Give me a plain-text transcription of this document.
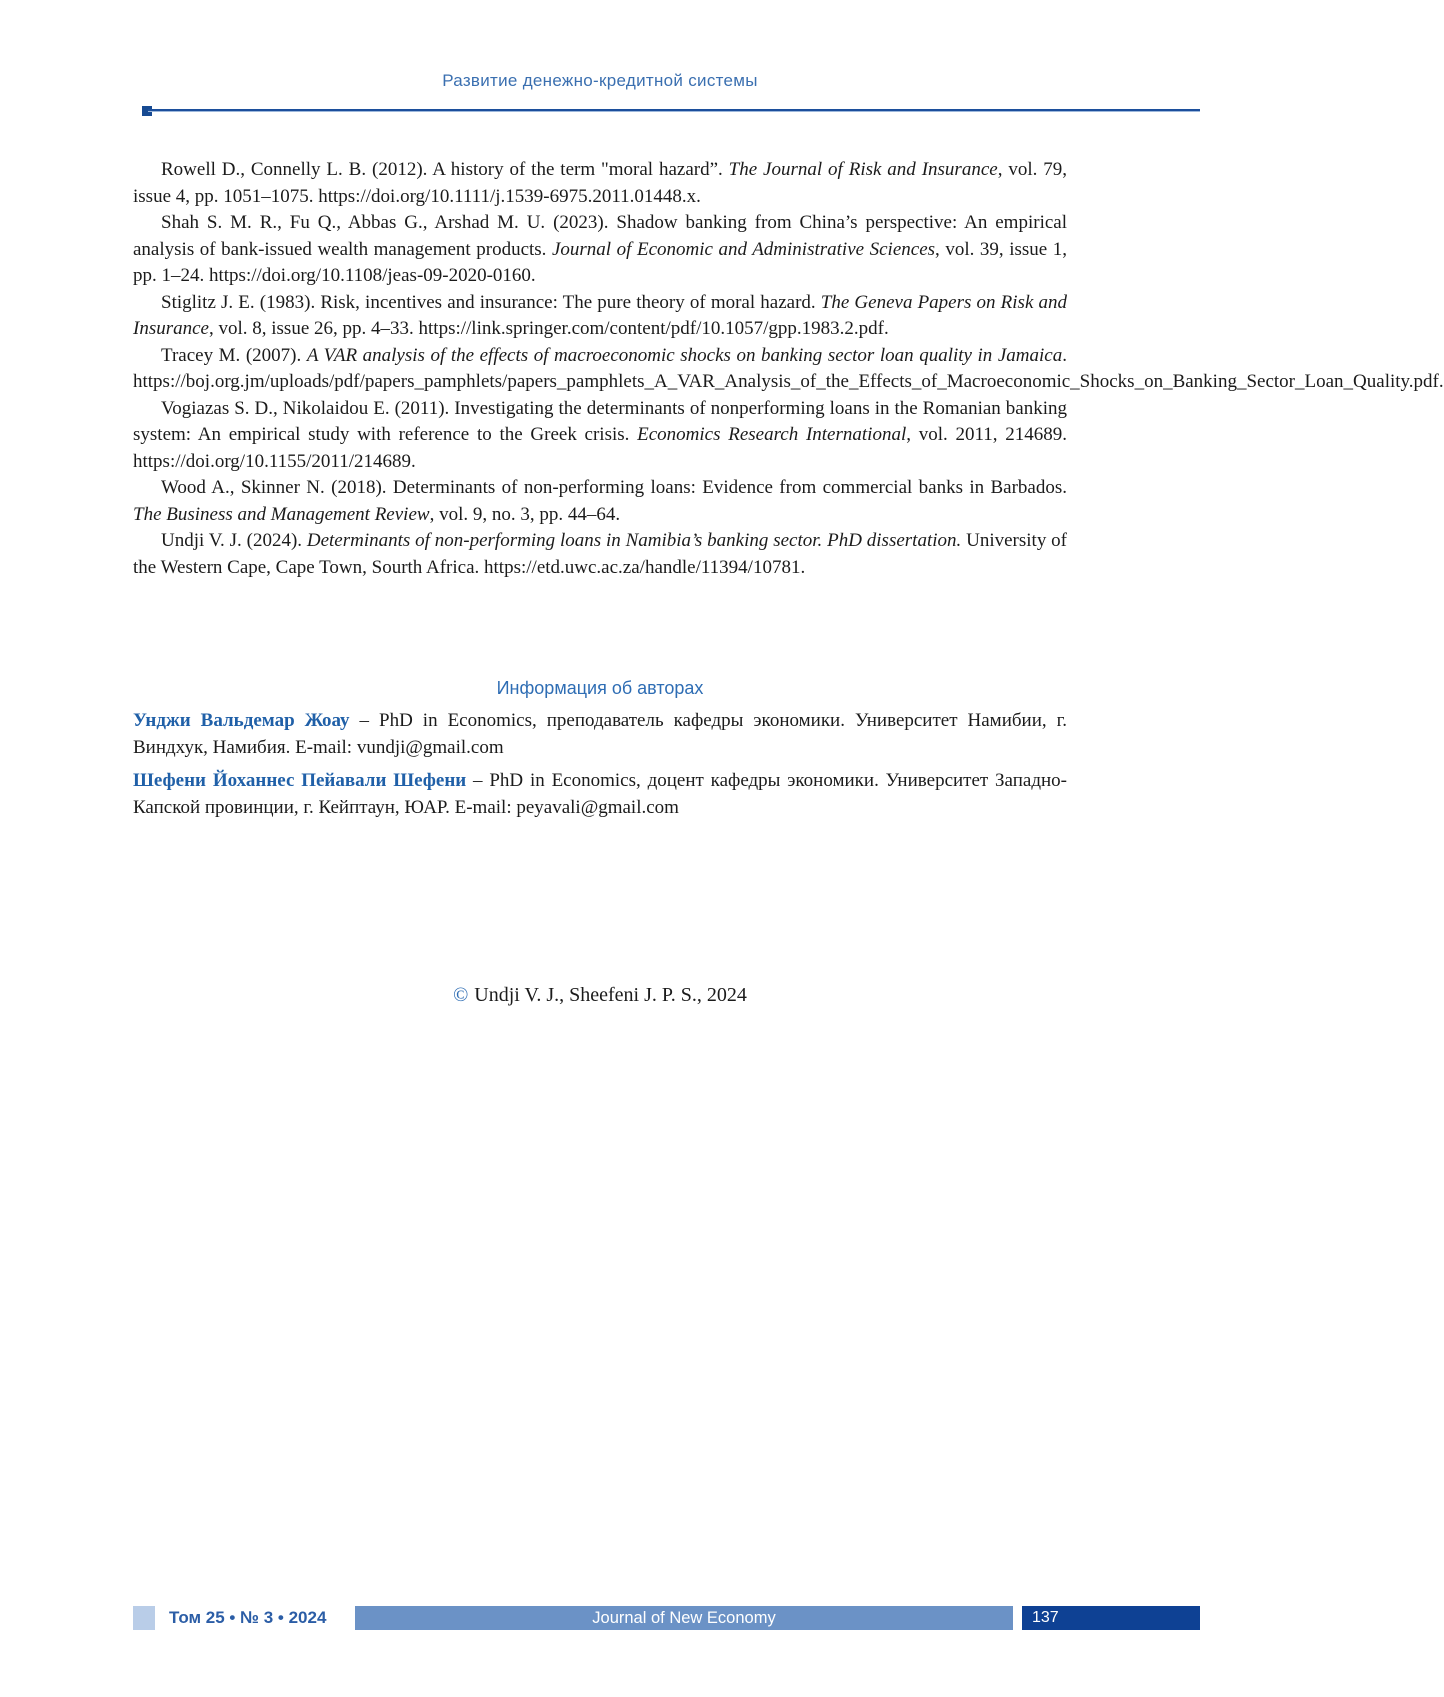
Развитие денежно-кредитной системы

Rowell D., Connelly L. B. (2012). A history of the term "moral hazard”. The Journal of Risk and Insurance, vol. 79, issue 4, pp. 1051–1075. https://doi.org/10.1111/j.1539-6975.2011.01448.x.

Shah S. M. R., Fu Q., Abbas G., Arshad M. U. (2023). Shadow banking from China’s perspective: An empirical analysis of bank-issued wealth management products. Journal of Economic and Administrative Sciences, vol. 39, issue 1, pp. 1–24. https://doi.org/10.1108/jeas-09-2020-0160.

Stiglitz J. E. (1983). Risk, incentives and insurance: The pure theory of moral hazard. The Geneva Papers on Risk and Insurance, vol. 8, issue 26, pp. 4–33. https://link.springer.com/content/pdf/10.1057/gpp.1983.2.pdf.

Tracey M. (2007). A VAR analysis of the effects of macroeconomic shocks on banking sector loan quality in Jamaica. https://boj.org.jm/uploads/pdf/papers_pamphlets/papers_pamphlets_A_VAR_Analysis_of_the_Effects_of_Macroeconomic_Shocks_on_Banking_Sector_Loan_Quality.pdf.

Vogiazas S. D., Nikolaidou E. (2011). Investigating the determinants of nonperforming loans in the Romanian banking system: An empirical study with reference to the Greek crisis. Economics Research International, vol. 2011, 214689. https://doi.org/10.1155/2011/214689.

Wood A., Skinner N. (2018). Determinants of non-performing loans: Evidence from commercial banks in Barbados. The Business and Management Review, vol. 9, no. 3, pp. 44–64.

Undji V. J. (2024). Determinants of non-performing loans in Namibia’s banking sector. PhD dissertation. University of the Western Cape, Cape Town, Sourth Africa. https://etd.uwc.ac.za/handle/11394/10781.

Информация об авторах

Унджи Вальдемар Жоау – PhD in Economics, преподаватель кафедры экономики. Университет Намибии, г. Виндхук, Намибия. E-mail: vundji@gmail.com

Шефени Йоханнес Пейавали Шефени – PhD in Economics, доцент кафедры экономики. Университет Западно-Капской провинции, г. Кейптаун, ЮАР. E-mail: peyavali@gmail.com

© Undji V. J., Sheefeni J. P. S., 2024
Том 25 • № 3 • 2024	Journal of New Economy	137
